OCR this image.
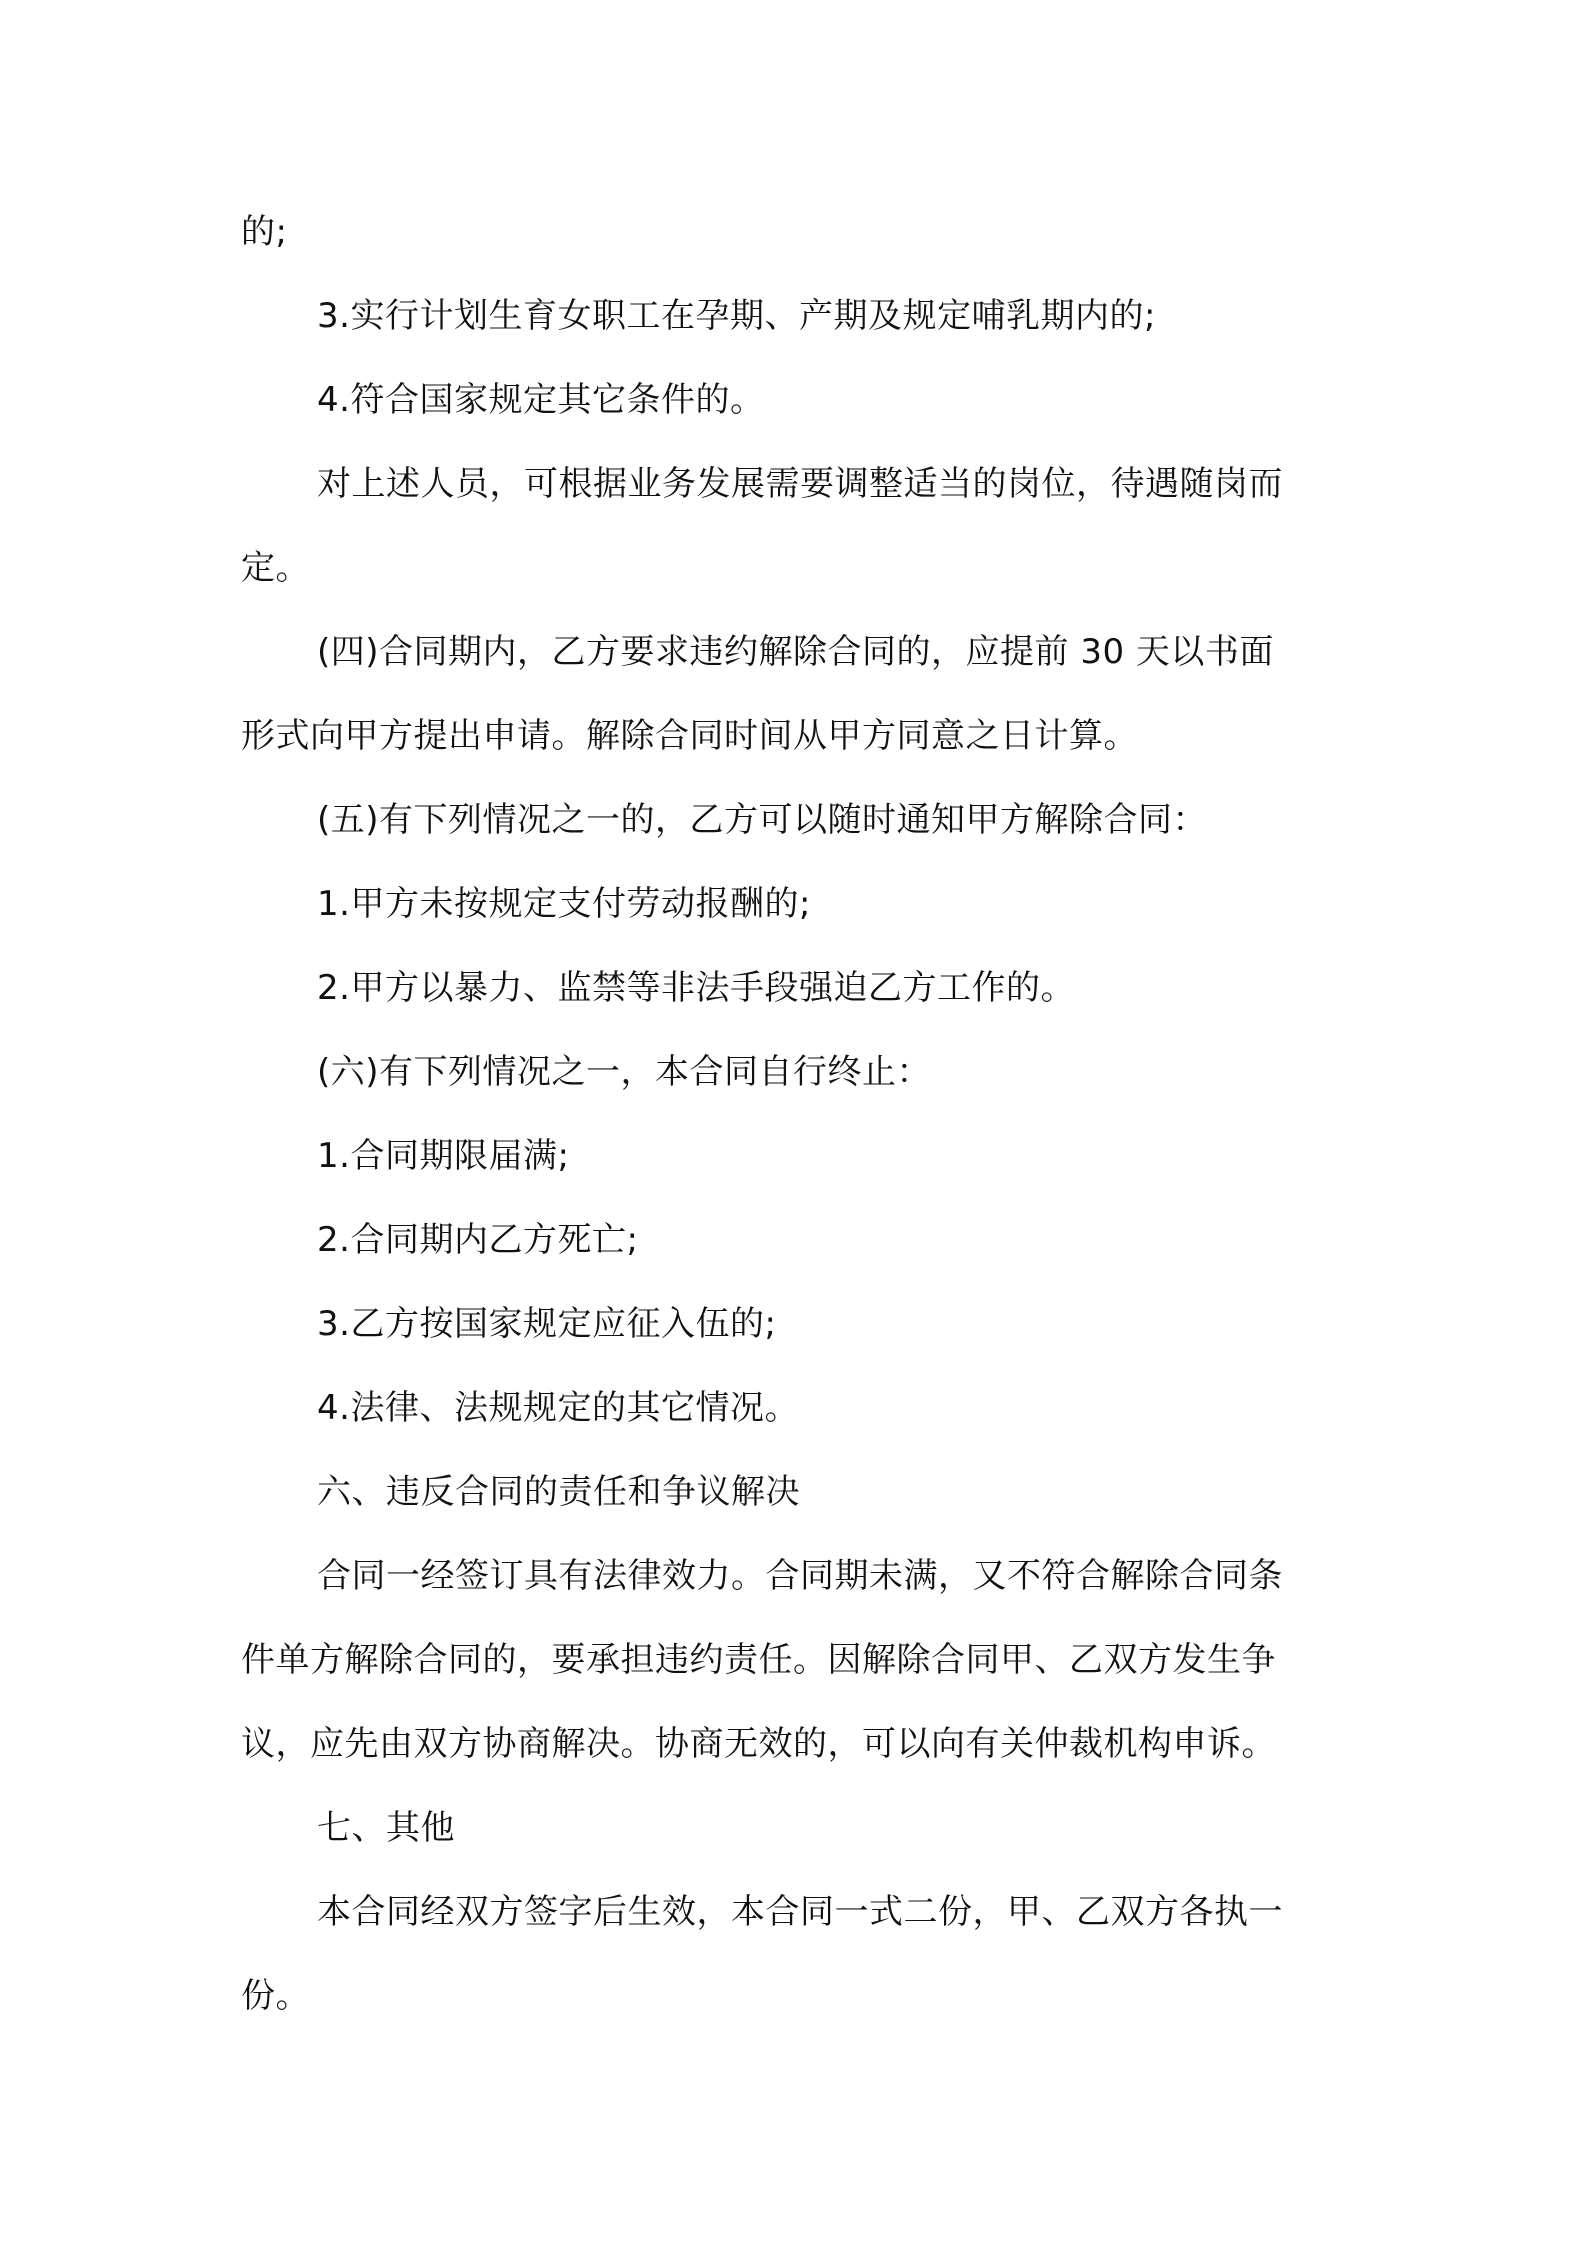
的;
3.实行计划生育女职工在孕期、产期及规定哺乳期内的;
4.符合国家规定其它条件的。
对上述人员，可根据业务发展需要调整适当的岗位，待遇随岗而
定。
(四)合同期内，乙方要求违约解除合同的，应提前 30 天以书面
形式向甲方提出申请。解除合同时间从甲方同意之日计算。
(五)有下列情况之一的，乙方可以随时通知甲方解除合同：
1.甲方未按规定支付劳动报酬的;
2.甲方以暴力、监禁等非法手段强迫乙方工作的。
(六)有下列情况之一，本合同自行终止：
1.合同期限届满;
2.合同期内乙方死亡;
3.乙方按国家规定应征入伍的;
4.法律、法规规定的其它情况。
六、违反合同的责任和争议解决
合同一经签订具有法律效力。合同期未满，又不符合解除合同条
件单方解除合同的，要承担违约责任。因解除合同甲、乙双方发生争
议，应先由双方协商解决。协商无效的，可以向有关仲裁机构申诉。
七、其他
本合同经双方签字后生效，本合同一式二份，甲、乙双方各执一
份。
